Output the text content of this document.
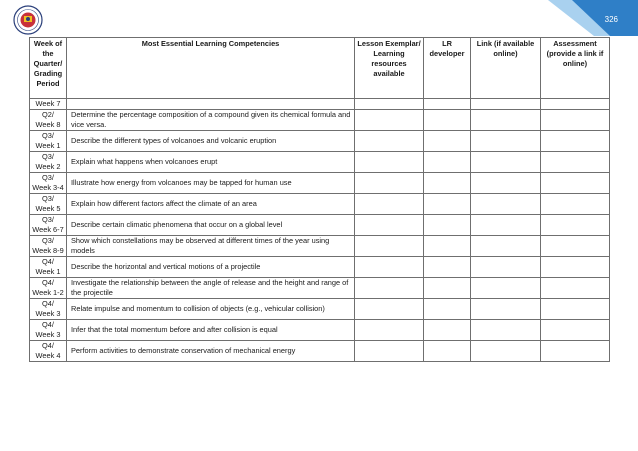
326
Week of the Quarter/ Grading Period	Most Essential Learning Competencies	Lesson Exemplar/ Learning resources available	LR developer	Link (if available online)	Assessment (provide a link if online)
Week 7					
Q2/ Week 8	Determine the percentage composition of a compound given its chemical formula and vice versa.				
Q3/ Week 1	Describe the different types of volcanoes and volcanic eruption				
Q3/ Week 2	Explain what happens when volcanoes erupt				
Q3/ Week 3-4	Illustrate how energy from volcanoes may be tapped for human use				
Q3/ Week 5	Explain how different factors affect the climate of an area				
Q3/ Week 6-7	Describe certain climatic phenomena that occur on a global level				
Q3/ Week 8-9	Show which constellations may be observed at different times of the year using models				
Q4/ Week 1	Describe the horizontal and vertical motions of a projectile				
Q4/ Week 1-2	Investigate the relationship between the angle of release and the height and range of the projectile				
Q4/ Week 3	Relate impulse and momentum to collision of objects (e.g., vehicular collision)				
Q4/ Week 3	Infer that the total momentum before and after collision is equal				
Q4/ Week 4	Perform activities to demonstrate conservation of mechanical energy				
